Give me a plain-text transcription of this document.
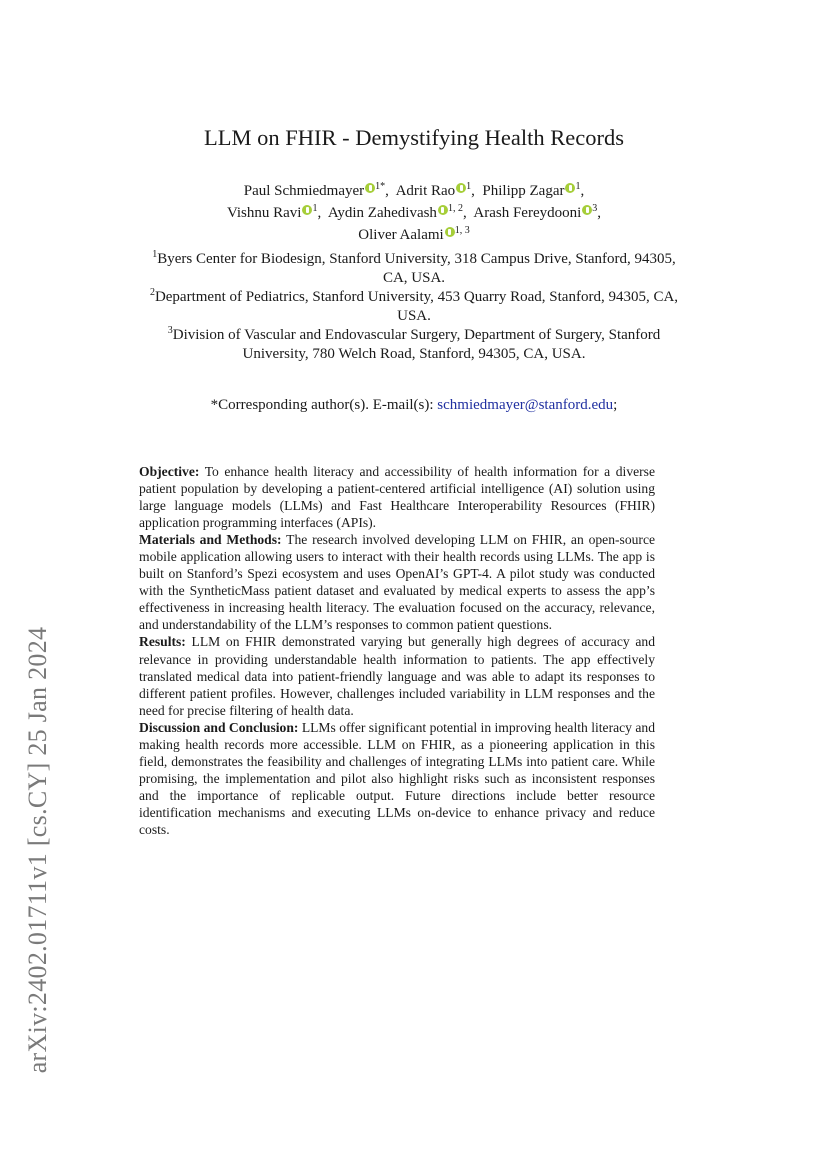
arXiv:2402.01711v1 [cs.CY] 25 Jan 2024
LLM on FHIR - Demystifying Health Records
Paul Schmiedmayer $^{1*}$, Adrit Rao $^1$, Philipp Zagar $^1$,
Vishnu Ravi $^1$, Aydin Zahedivash $^{1, 2}$, Arash Fereydooni $^3$,
Oliver Aalami $^{1, 3}$
$^1$Byers Center for Biodesign, Stanford University, 318 Campus Drive, Stanford, 94305, CA, USA.
$^2$Department of Pediatrics, Stanford University, 453 Quarry Road, Stanford, 94305, CA, USA.
$^3$Division of Vascular and Endovascular Surgery, Department of Surgery, Stanford University, 780 Welch Road, Stanford, 94305, CA, USA.
*Corresponding author(s). E-mail(s): schmiedmayer@stanford.edu;

Objective: To enhance health literacy and accessibility of health information for a diverse patient population by developing a patient-centered artificial intelligence (AI) solution using large language models (LLMs) and Fast Healthcare Interoperability Resources (FHIR) application programming interfaces (APIs).

Materials and Methods: The research involved developing LLM on FHIR, an open-source mobile application allowing users to interact with their health records using LLMs. The app is built on Stanford’s Spezi ecosystem and uses OpenAI’s GPT-4. A pilot study was conducted with the SyntheticMass patient dataset and evaluated by medical experts to assess the app’s effectiveness in increasing health literacy. The evaluation focused on the accuracy, relevance, and understandability of the LLM’s responses to common patient questions.

Results: LLM on FHIR demonstrated varying but generally high degrees of accuracy and relevance in providing understandable health information to patients. The app effectively translated medical data into patient-friendly language and was able to adapt its responses to different patient profiles. However, challenges included variability in LLM responses and the need for precise filtering of health data.

Discussion and Conclusion: LLMs offer significant potential in improving health literacy and making health records more accessible. LLM on FHIR, as a pioneering application in this field, demonstrates the feasibility and challenges of integrating LLMs into patient care. While promising, the implementation and pilot also highlight risks such as inconsistent responses and the importance of replicable output. Future directions include better resource identification mechanisms and executing LLMs on-device to enhance privacy and reduce costs.
